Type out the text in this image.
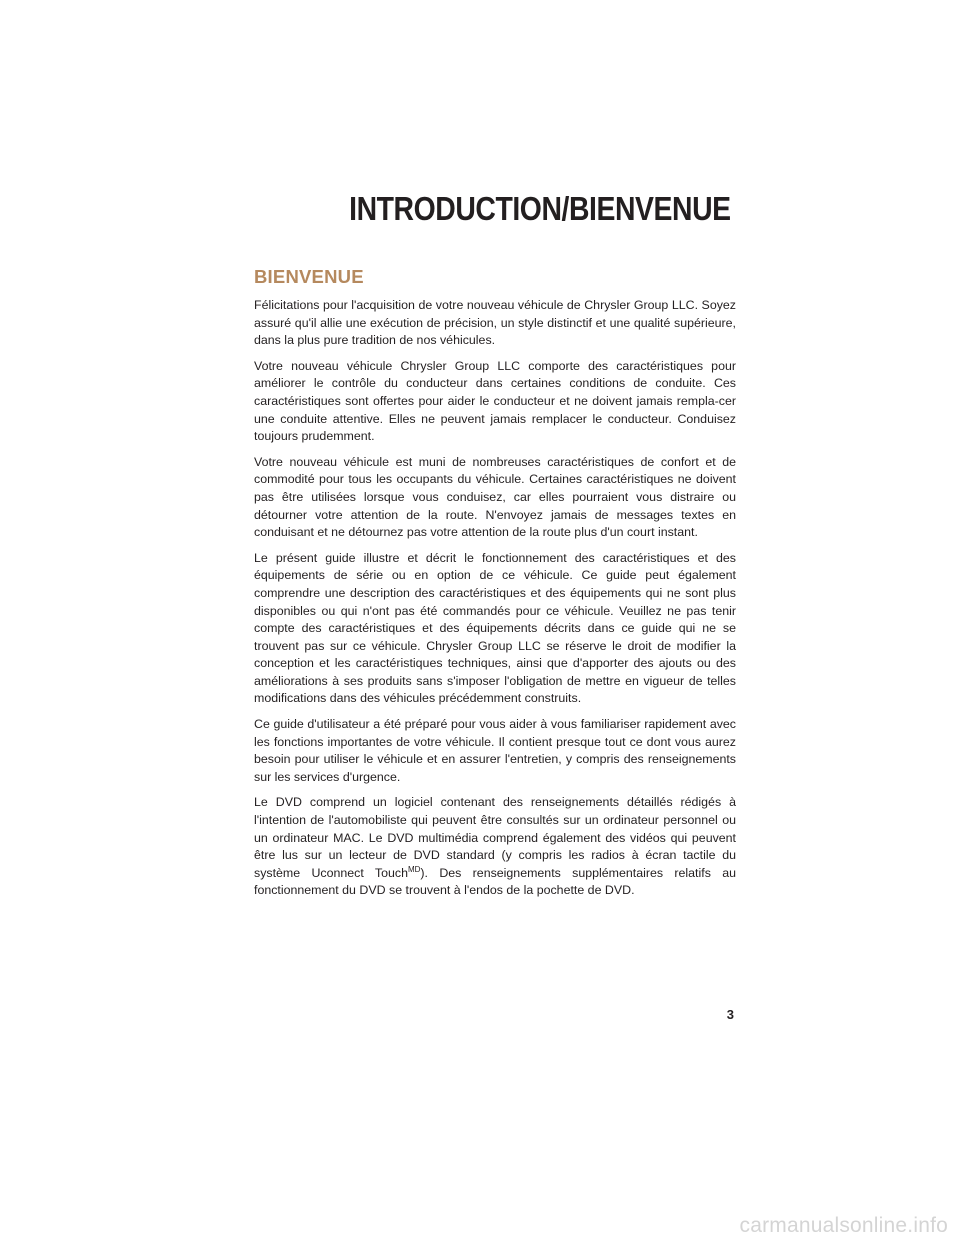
INTRODUCTION/BIENVENUE
BIENVENUE

Félicitations pour l'acquisition de votre nouveau véhicule de Chrysler Group LLC. Soyez assuré qu'il allie une exécution de précision, un style distinctif et une qualité supérieure, dans la plus pure tradition de nos véhicules.

Votre nouveau véhicule Chrysler Group LLC comporte des caractéristiques pour améliorer le contrôle du conducteur dans certaines conditions de conduite. Ces caractéristiques sont offertes pour aider le conducteur et ne doivent jamais rempla-cer une conduite attentive. Elles ne peuvent jamais remplacer le conducteur. Conduisez toujours prudemment.

Votre nouveau véhicule est muni de nombreuses caractéristiques de confort et de commodité pour tous les occupants du véhicule. Certaines caractéristiques ne doivent pas être utilisées lorsque vous conduisez, car elles pourraient vous distraire ou détourner votre attention de la route. N'envoyez jamais de messages textes en conduisant et ne détournez pas votre attention de la route plus d'un court instant.

Le présent guide illustre et décrit le fonctionnement des caractéristiques et des équipements de série ou en option de ce véhicule. Ce guide peut également comprendre une description des caractéristiques et des équipements qui ne sont plus disponibles ou qui n'ont pas été commandés pour ce véhicule. Veuillez ne pas tenir compte des caractéristiques et des équipements décrits dans ce guide qui ne se trouvent pas sur ce véhicule. Chrysler Group LLC se réserve le droit de modifier la conception et les caractéristiques techniques, ainsi que d'apporter des ajouts ou des améliorations à ses produits sans s'imposer l'obligation de mettre en vigueur de telles modifications dans des véhicules précédemment construits.

Ce guide d'utilisateur a été préparé pour vous aider à vous familiariser rapidement avec les fonctions importantes de votre véhicule. Il contient presque tout ce dont vous aurez besoin pour utiliser le véhicule et en assurer l'entretien, y compris des renseignements sur les services d'urgence.

Le DVD comprend un logiciel contenant des renseignements détaillés rédigés à l'intention de l'automobiliste qui peuvent être consultés sur un ordinateur personnel ou un ordinateur MAC. Le DVD multimédia comprend également des vidéos qui peuvent être lus sur un lecteur de DVD standard (y compris les radios à écran tactile du système Uconnect Touch$^{MD}$). Des renseignements supplémentaires relatifs au fonctionnement du DVD se trouvent à l'endos de la pochette de DVD.

3
carmanualsonline.info
